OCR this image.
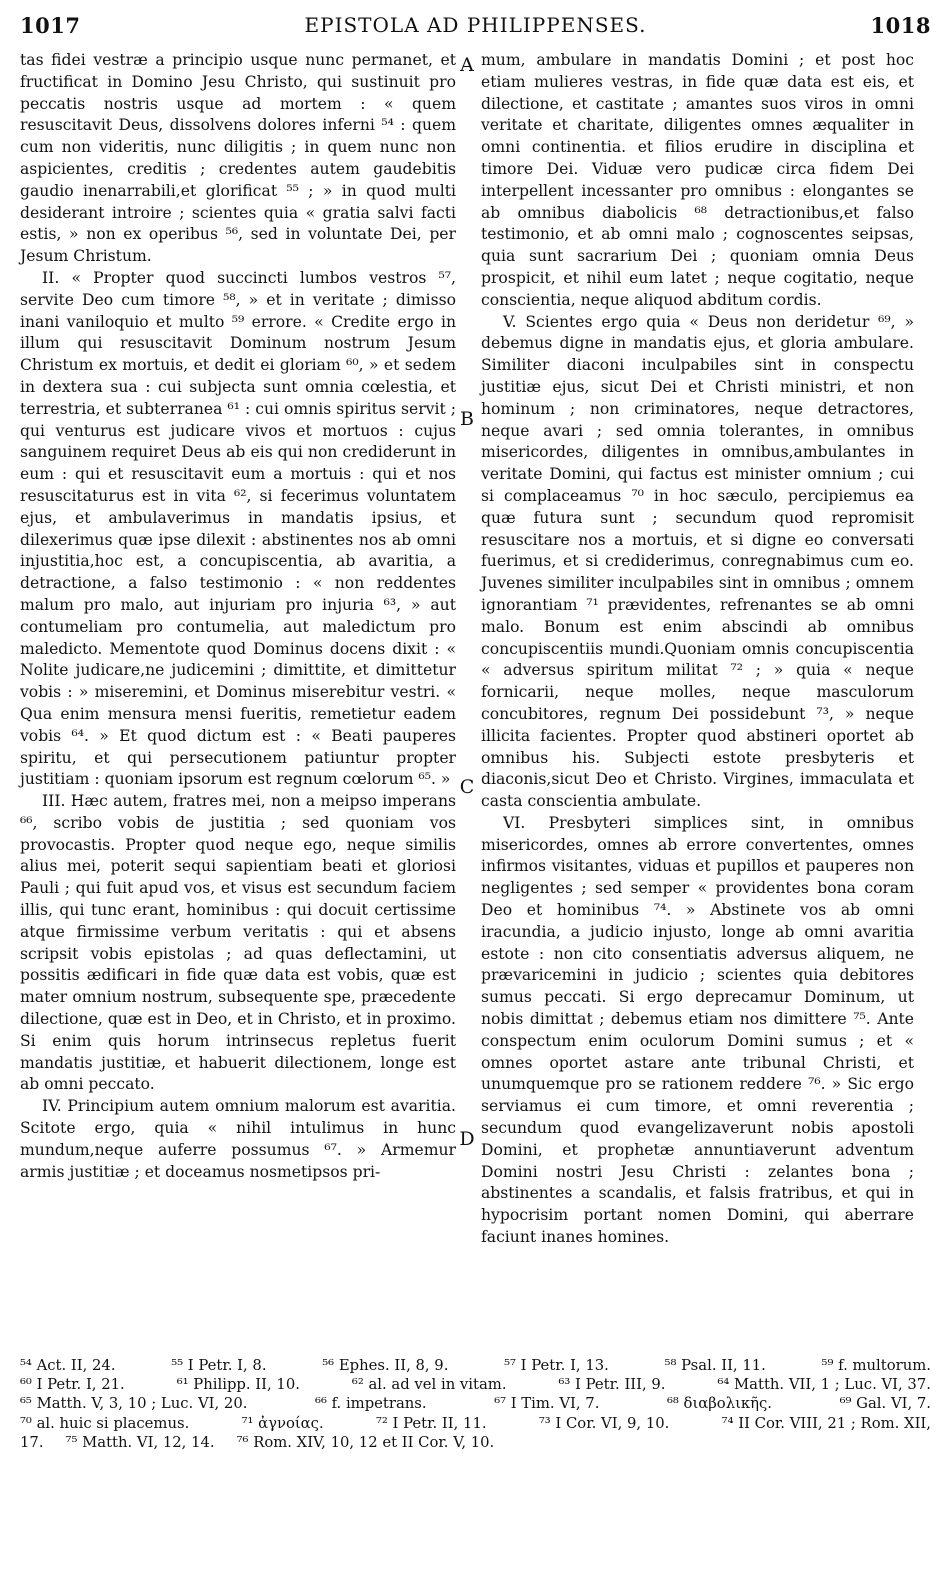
1017	EPISTOLA AD PHILIPPENSES.	1018

tas fidei vestræ a principio usque nunc permanet, et fructificat in Domino Jesu Christo, qui sustinuit pro peccatis nostris usque ad mortem : « quem resuscitavit Deus, dissolvens dolores inferni ⁵⁴ : quem cum non videritis, nunc diligitis ; in quem nunc non aspicientes, creditis ; credentes autem gaudebitis gaudio inenarrabili,et glorificat ⁵⁵ ; » in quod multi desiderant introire ; scientes quia « gratia salvi facti estis, » non ex operibus ⁵⁶, sed in voluntate Dei, per Jesum Christum.

II. « Propter quod succincti lumbos vestros ⁵⁷, servite Deo cum timore ⁵⁸, » et in veritate ; dimisso inani vaniloquio et multo ⁵⁹ errore. « Credite ergo in illum qui resuscitavit Dominum nostrum Jesum Christum ex mortuis, et dedit ei gloriam ⁶⁰, » et sedem in dextera sua : cui subjecta sunt omnia cœlestia, et terrestria, et subterranea ⁶¹ : cui omnis spiritus servit ; qui venturus est judicare vivos et mortuos : cujus sanguinem requiret Deus ab eis qui non crediderunt in eum : qui et resuscitavit eum a mortuis : qui et nos resuscitaturus est in vita ⁶², si fecerimus voluntatem ejus, et ambulaverimus in mandatis ipsius, et dilexerimus quæ ipse dilexit : abstinentes nos ab omni injustitia,hoc est, a concupiscentia, ab avaritia, a detractione, a falso testimonio : « non reddentes malum pro malo, aut injuriam pro injuria ⁶³, » aut contumeliam pro contumelia, aut maledictum pro maledicto. Mementote quod Dominus docens dixit : « Nolite judicare,ne judicemini ; dimittite, et dimittetur vobis : » miseremini, et Dominus miserebitur vestri. « Qua enim mensura mensi fueritis, remetietur eadem vobis ⁶⁴. » Et quod dictum est : « Beati pauperes spiritu, et qui persecutionem patiuntur propter justitiam : quoniam ipsorum est regnum cœlorum ⁶⁵. »

III. Hæc autem, fratres mei, non a meipso imperans ⁶⁶, scribo vobis de justitia ; sed quoniam vos provocastis. Propter quod neque ego, neque similis alius mei, poterit sequi sapientiam beati et gloriosi Pauli ; qui fuit apud vos, et visus est secundum faciem illis, qui tunc erant, hominibus : qui docuit certissime atque firmissime verbum veritatis : qui et absens scripsit vobis epistolas ; ad quas deflectamini, ut possitis ædificari in fide quæ data est vobis, quæ est mater omnium nostrum, subsequente spe, præcedente dilectione, quæ est in Deo, et in Christo, et in proximo. Si enim quis horum intrinsecus repletus fuerit mandatis justitiæ, et habuerit dilectionem, longe est ab omni peccato.

IV. Principium autem omnium malorum est avaritia. Scitote ergo, quia « nihil intulimus in hunc mundum,neque auferre possumus ⁶⁷. » Armemur armis justitiæ ; et doceamus nosmetipsos pri-

A
B
C
D

mum, ambulare in mandatis Domini ; et post hoc etiam mulieres vestras, in fide quæ data est eis, et dilectione, et castitate ; amantes suos viros in omni veritate et charitate, diligentes omnes æqualiter in omni continentia. et filios erudire in disciplina et timore Dei. Viduæ vero pudicæ circa fidem Dei interpellent incessanter pro omnibus : elongantes se ab omnibus diabolicis ⁶⁸ detractionibus,et falso testimonio, et ab omni malo ; cognoscentes seipsas, quia sunt sacrarium Dei ; quoniam omnia Deus prospicit, et nihil eum latet ; neque cogitatio, neque conscientia, neque aliquod abditum cordis.

V. Scientes ergo quia « Deus non deridetur ⁶⁹, » debemus digne in mandatis ejus, et gloria ambulare. Similiter diaconi inculpabiles sint in conspectu justitiæ ejus, sicut Dei et Christi ministri, et non hominum ; non criminatores, neque detractores, neque avari ; sed omnia tolerantes, in omnibus misericordes, diligentes in omnibus,ambulantes in veritate Domini, qui factus est minister omnium ; cui si complaceamus ⁷⁰ in hoc sæculo, percipiemus ea quæ futura sunt ; secundum quod repromisit resuscitare nos a mortuis, et si digne eo conversati fuerimus, et si crediderimus, conregnabimus cum eo. Juvenes similiter inculpabiles sint in omnibus ; omnem ignorantiam ⁷¹ prævidentes, refrenantes se ab omni malo. Bonum est enim abscindi ab omnibus concupiscentiis mundi.Quoniam omnis concupiscentia « adversus spiritum militat ⁷² ; » quia « neque fornicarii, neque molles, neque masculorum concubitores, regnum Dei possidebunt ⁷³, » neque illicita facientes. Propter quod abstineri oportet ab omnibus his. Subjecti estote presbyteris et diaconis,sicut Deo et Christo. Virgines, immaculata et casta conscientia ambulate.

VI. Presbyteri simplices sint, in omnibus misericordes, omnes ab errore convertentes, omnes infirmos visitantes, viduas et pupillos et pauperes non negligentes ; sed semper « providentes bona coram Deo et hominibus ⁷⁴. » Abstinete vos ab omni iracundia, a judicio injusto, longe ab omni avaritia estote : non cito consentiatis adversus aliquem, ne prævaricemini in judicio ; scientes quia debitores sumus peccati. Si ergo deprecamur Dominum, ut nobis dimittat ; debemus etiam nos dimittere ⁷⁵. Ante conspectum enim oculorum Domini sumus ; et « omnes oportet astare ante tribunal Christi, et unumquemque pro se rationem reddere ⁷⁶. » Sic ergo serviamus ei cum timore, et omni reverentia ; secundum quod evangelizaverunt nobis apostoli Domini, et prophetæ annuntiaverunt adventum Domini nostri Jesu Christi : zelantes bona ; abstinentes a scandalis, et falsis fratribus, et qui in hypocrisim portant nomen Domini, qui aberrare faciunt inanes homines.

⁵⁴ Act. II, 24.	⁵⁵ I Petr. I, 8.	⁵⁶ Ephes. II, 8, 9.	⁵⁷ I Petr. I, 13.	⁵⁸ Psal. II, 11.	⁵⁹ f. multorum.
⁶⁰ I Petr. I, 21.	⁶¹ Philipp. II, 10.	⁶² al. ad vel in vitam.	⁶³ I Petr. III, 9.	⁶⁴ Matth. VII, 1 ; Luc. VI, 37.
⁶⁵ Matth. V, 3, 10 ; Luc. VI, 20.	⁶⁶ f. impetrans.	⁶⁷ I Tim. VI, 7.	⁶⁸ διαβολικῆς.	⁶⁹ Gal. VI, 7.
⁷⁰ al. huic si placemus.	⁷¹ ἀγνοίας.	⁷² I Petr. II, 11.	⁷³ I Cor. VI, 9, 10.	⁷⁴ II Cor. VIII, 21 ; Rom. XII,
17. ⁷⁵ Matth. VI, 12, 14. ⁷⁶ Rom. XIV, 10, 12 et II Cor. V, 10.
